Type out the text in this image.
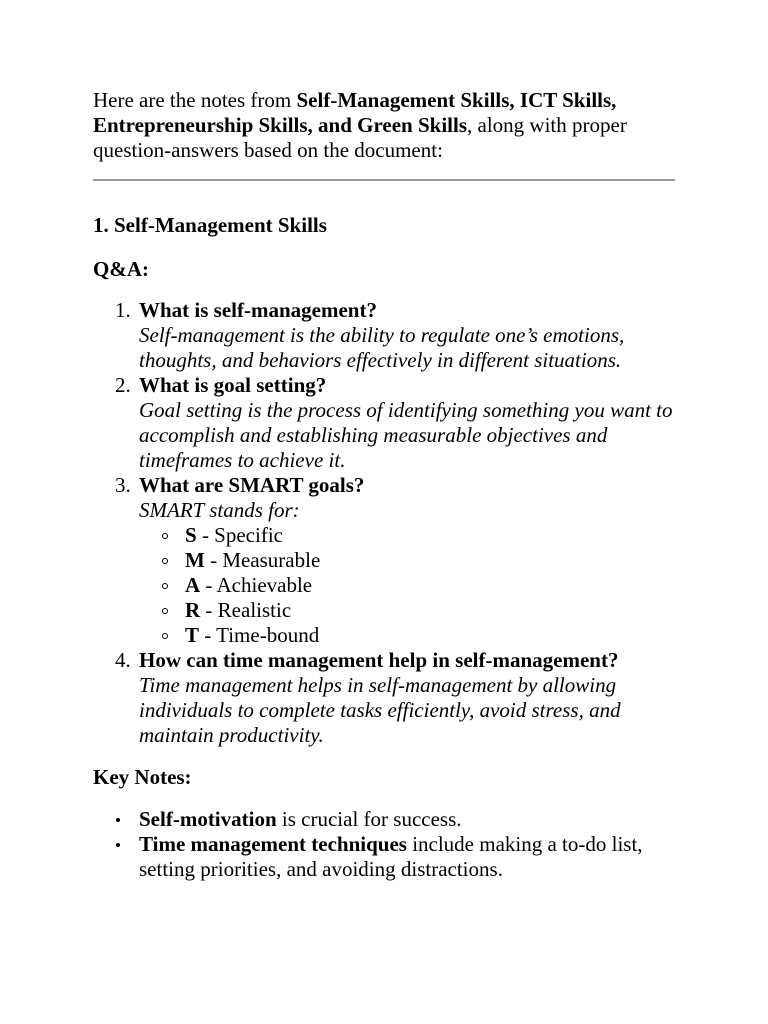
Here are the notes from Self-Management Skills, ICT Skills, Entrepreneurship Skills, and Green Skills, along with proper question-answers based on the document:

1. Self-Management Skills

Q&A:

1. What is self-management?
Self-management is the ability to regulate one’s emotions, thoughts, and behaviors effectively in different situations.
2. What is goal setting?
Goal setting is the process of identifying something you want to accomplish and establishing measurable objectives and timeframes to achieve it.
3. What are SMART goals?
SMART stands for:
S - Specific
M - Measurable
A - Achievable
R - Realistic
T - Time-bound
4. How can time management help in self-management?
Time management helps in self-management by allowing individuals to complete tasks efficiently, avoid stress, and maintain productivity.

Key Notes:

Self-motivation is crucial for success.
Time management techniques include making a to-do list, setting priorities, and avoiding distractions.
